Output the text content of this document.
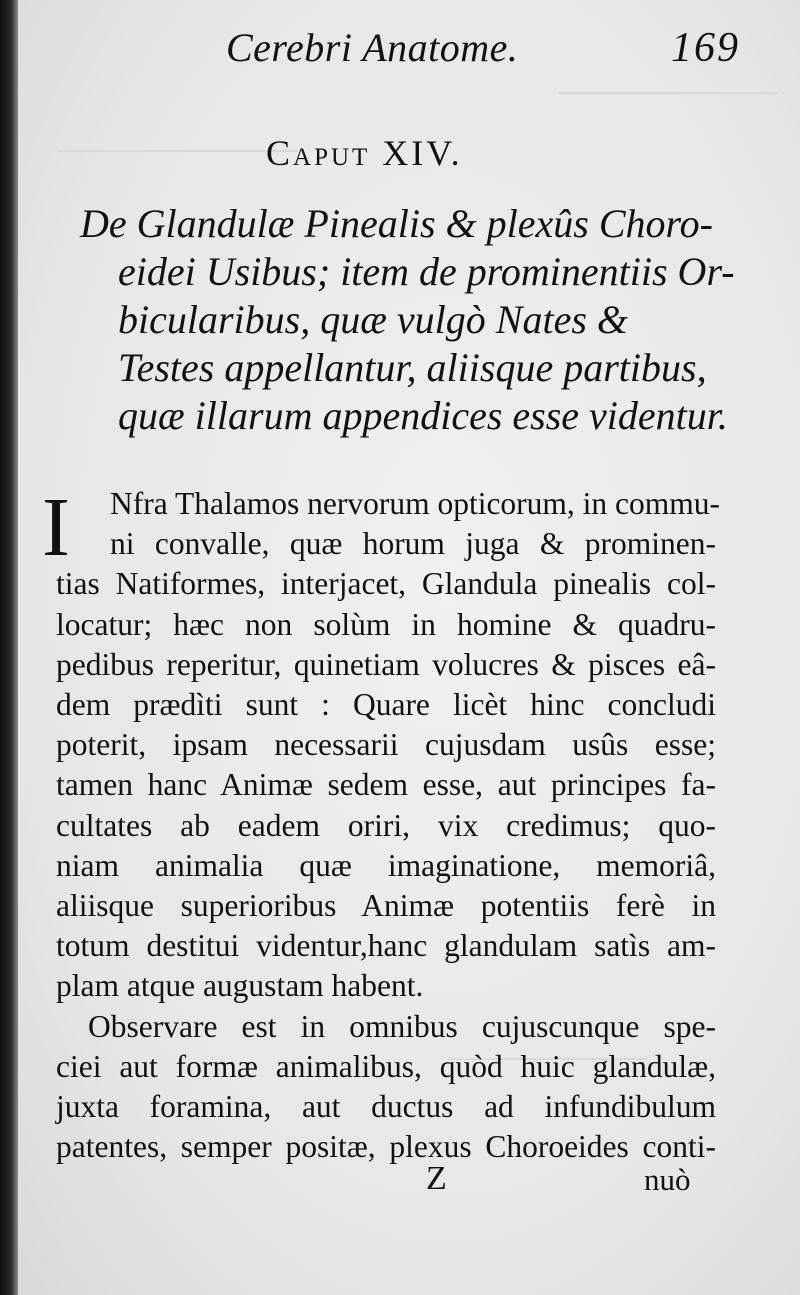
Cerebri Anatome.	169
Caput XIV.
De Glandulæ Pinealis & plexûs Choro-
eidei Usibus; item de prominentiis Or-
bicularibus, quæ vulgò Nates &
Testes appellantur, aliisque partibus,
quæ illarum appendices esse videntur.
I	Nfra Thalamos nervorum opticorum, in commu-
ni convalle, quæ horum juga & prominen-
tias Natiformes, interjacet, Glandula pinealis col-
locatur; hæc non solùm in homine & quadru-
pedibus reperitur, quinetiam volucres & pisces eâ-
dem prædìti sunt : Quare licèt hinc concludi
poterit, ipsam necessarii cujusdam usûs esse;
tamen hanc Animæ sedem esse, aut principes fa-
cultates ab eadem oriri, vix credimus; quo-
niam animalia quæ imaginatione, memoriâ,
aliisque superioribus Animæ potentiis ferè in
totum destitui videntur,hanc glandulam satìs am-
plam atque augustam habent.
Observare est in omnibus cujuscunque spe-
ciei aut formæ animalibus, quòd huic glandulæ,
juxta foramina, aut ductus ad infundibulum
patentes, semper positæ, plexus Choroeides conti-
Z	nuò
